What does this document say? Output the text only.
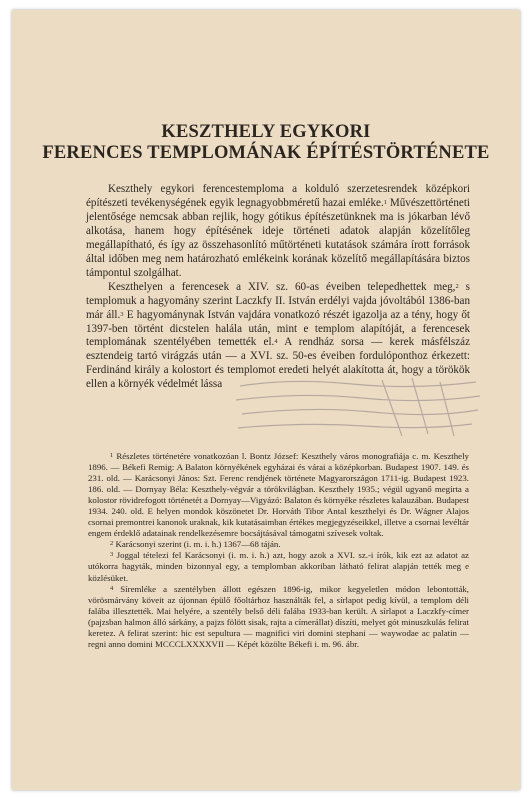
KESZTHELY EGYKORI
FERENCES TEMPLOMÁNAK ÉPÍTÉSTÖRTÉNETE

Keszthely egykori ferencestemploma a kolduló szerzetesrendek középkori építészeti tevékenységének egyik legnagyobbméretű hazai emléke.$^1$ Művészettörténeti jelentősége nemcsak abban rejlik, hogy gótikus építészetünknek ma is jókarban lévő alkotása, hanem hogy építésének ideje történeti adatok alapján közelítőleg megállapítható, és így az összehasonlító műtörténeti kutatások számára írott források által időben meg nem határozható emlékeink korának közelítő megállapítására biztos támpontul szolgálhat.

Keszthelyen a ferencesek a XIV. sz. 60-as éveiben telepedhettek meg,$^2$ s templomuk a hagyomány szerint Laczkfy II. István erdélyi vajda jóvoltából 1386-ban már áll.$^3$ E hagyománynak István vajdára vonatkozó részét igazolja az a tény, hogy őt 1397-ben történt dicstelen halála után, mint e templom alapítóját, a ferencesek templomának szentélyében temették el.$^4$ A rendház sorsa — kerek másfélszáz esztendeig tartó virágzás után — a XVI. sz. 50-es éveiben fordulóponthoz érkezett: Ferdinánd király a kolostort és templomot eredeti helyét alakította át, hogy a törökök ellen a környék védelmét lássa

$^1$ Részletes történetére vonatkozóan l. Bontz József: Keszthely város monografiája c. m. Keszthely 1896. — Békefi Remig: A Balaton környékének egyházai és várai a középkorban. Budapest 1907. 149. és 231. old. — Karácsonyi János: Szt. Ferenc rendjének története Magyarországon 1711-ig. Budapest 1923. 186. old. — Dornyay Béla: Keszthely-végvár a törökvilágban. Keszthely 1935.; végül ugyanő megírta a kolostor rövidrefogott történetét a Dornyay—Vigyázó: Balaton és környéke részletes kalauzában. Budapest 1934. 240. old. E helyen mondok köszönetet Dr. Horváth Tibor Antal keszthelyi és Dr. Wágner Alajos csornai premontrei kanonok uraknak, kik kutatásaimban értékes megjegyzéseikkel, illetve a csornai levéltár engem érdeklő adatainak rendelkezésemre bocsájtásával támogatni szívesek voltak.

$^2$ Karácsonyi szerint (i. m. i. h.) 1367—68 táján.

$^3$ Joggal tételezi fel Karácsonyi (i. m. i. h.) azt, hogy azok a XVI. sz.-i írók, kik ezt az adatot az utókorra hagyták, minden bizonnyal egy, a templomban akkoriban látható felirat alapján tették meg e közlésüket.

$^4$ Síremléke a szentélyben állott egészen 1896-ig, mikor kegyeletlen módon lebontották, vörösmárvány köveit az újonnan épülő főoltárhoz használták fel, a sírlapot pedig kívül, a templom déli falába illesztették. Mai helyére, a szentély belső déli falába 1933-ban került. A sírlapot a Laczkfy-címer (pajzsban halmon álló sárkány, a pajzs fölött sisak, rajta a címerállat) díszíti, melyet gót minuszkulás felirat keretez. A felirat szerint: hic est sepultura — magnifici viri domini stephani — waywodae ac palatin — regni anno domini MCCCLXXXXVII — Képét közölte Békefi i. m. 96. ábr.
